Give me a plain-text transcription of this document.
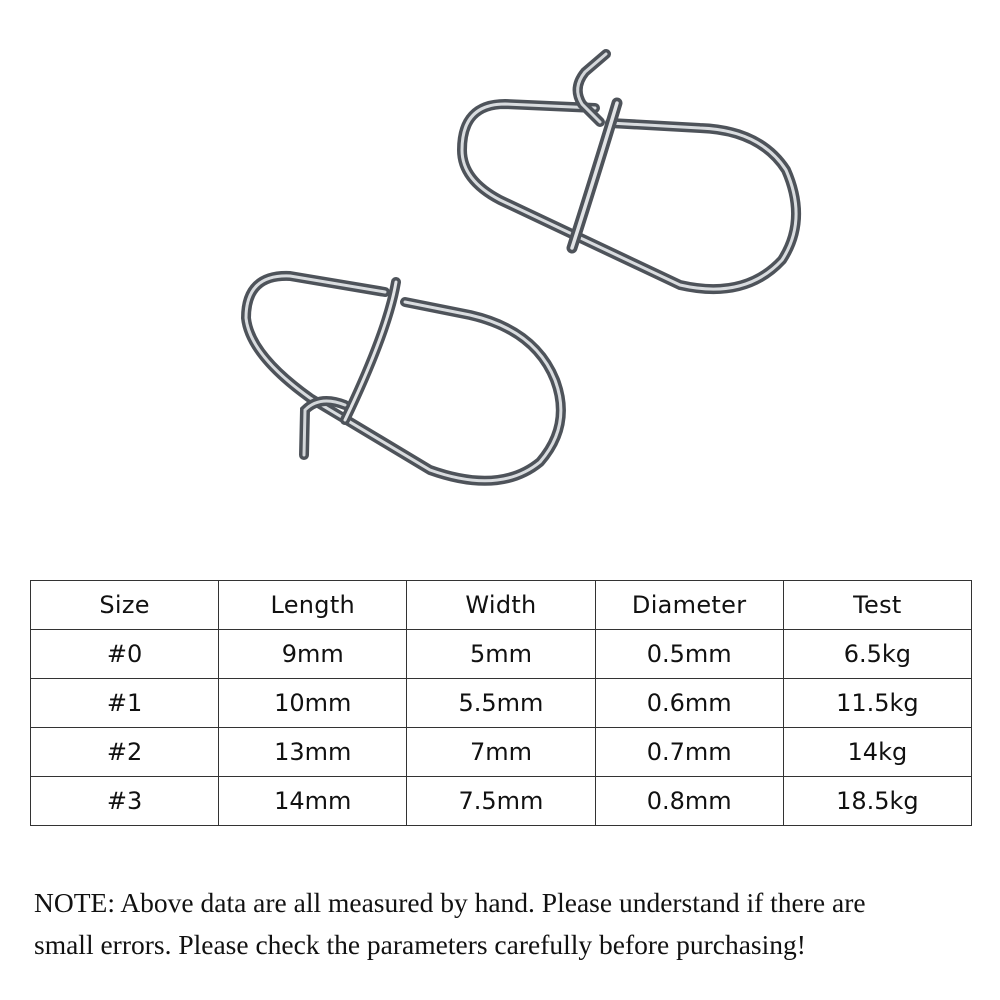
Size	Length	Width	Diameter	Test
#0	9mm	5mm	0.5mm	6.5kg
#1	10mm	5.5mm	0.6mm	11.5kg
#2	13mm	7mm	0.7mm	14kg
#3	14mm	7.5mm	0.8mm	18.5kg

NOTE: Above data are all measured by hand. Please understand if there are
small errors. Please check the parameters carefully before purchasing!
